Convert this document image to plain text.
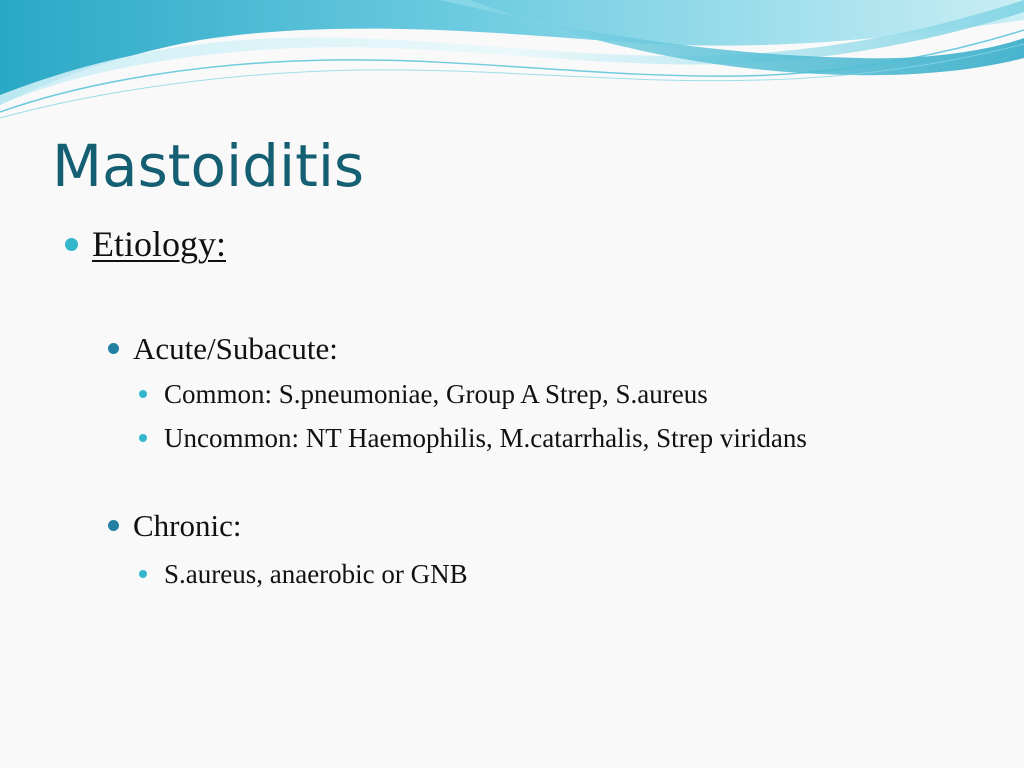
Mastoiditis
Etiology:
Acute/Subacute:
Common: S.pneumoniae, Group A Strep, S.aureus
Uncommon: NT Haemophilis, M.catarrhalis, Strep viridans
Chronic:
S.aureus, anaerobic or GNB
